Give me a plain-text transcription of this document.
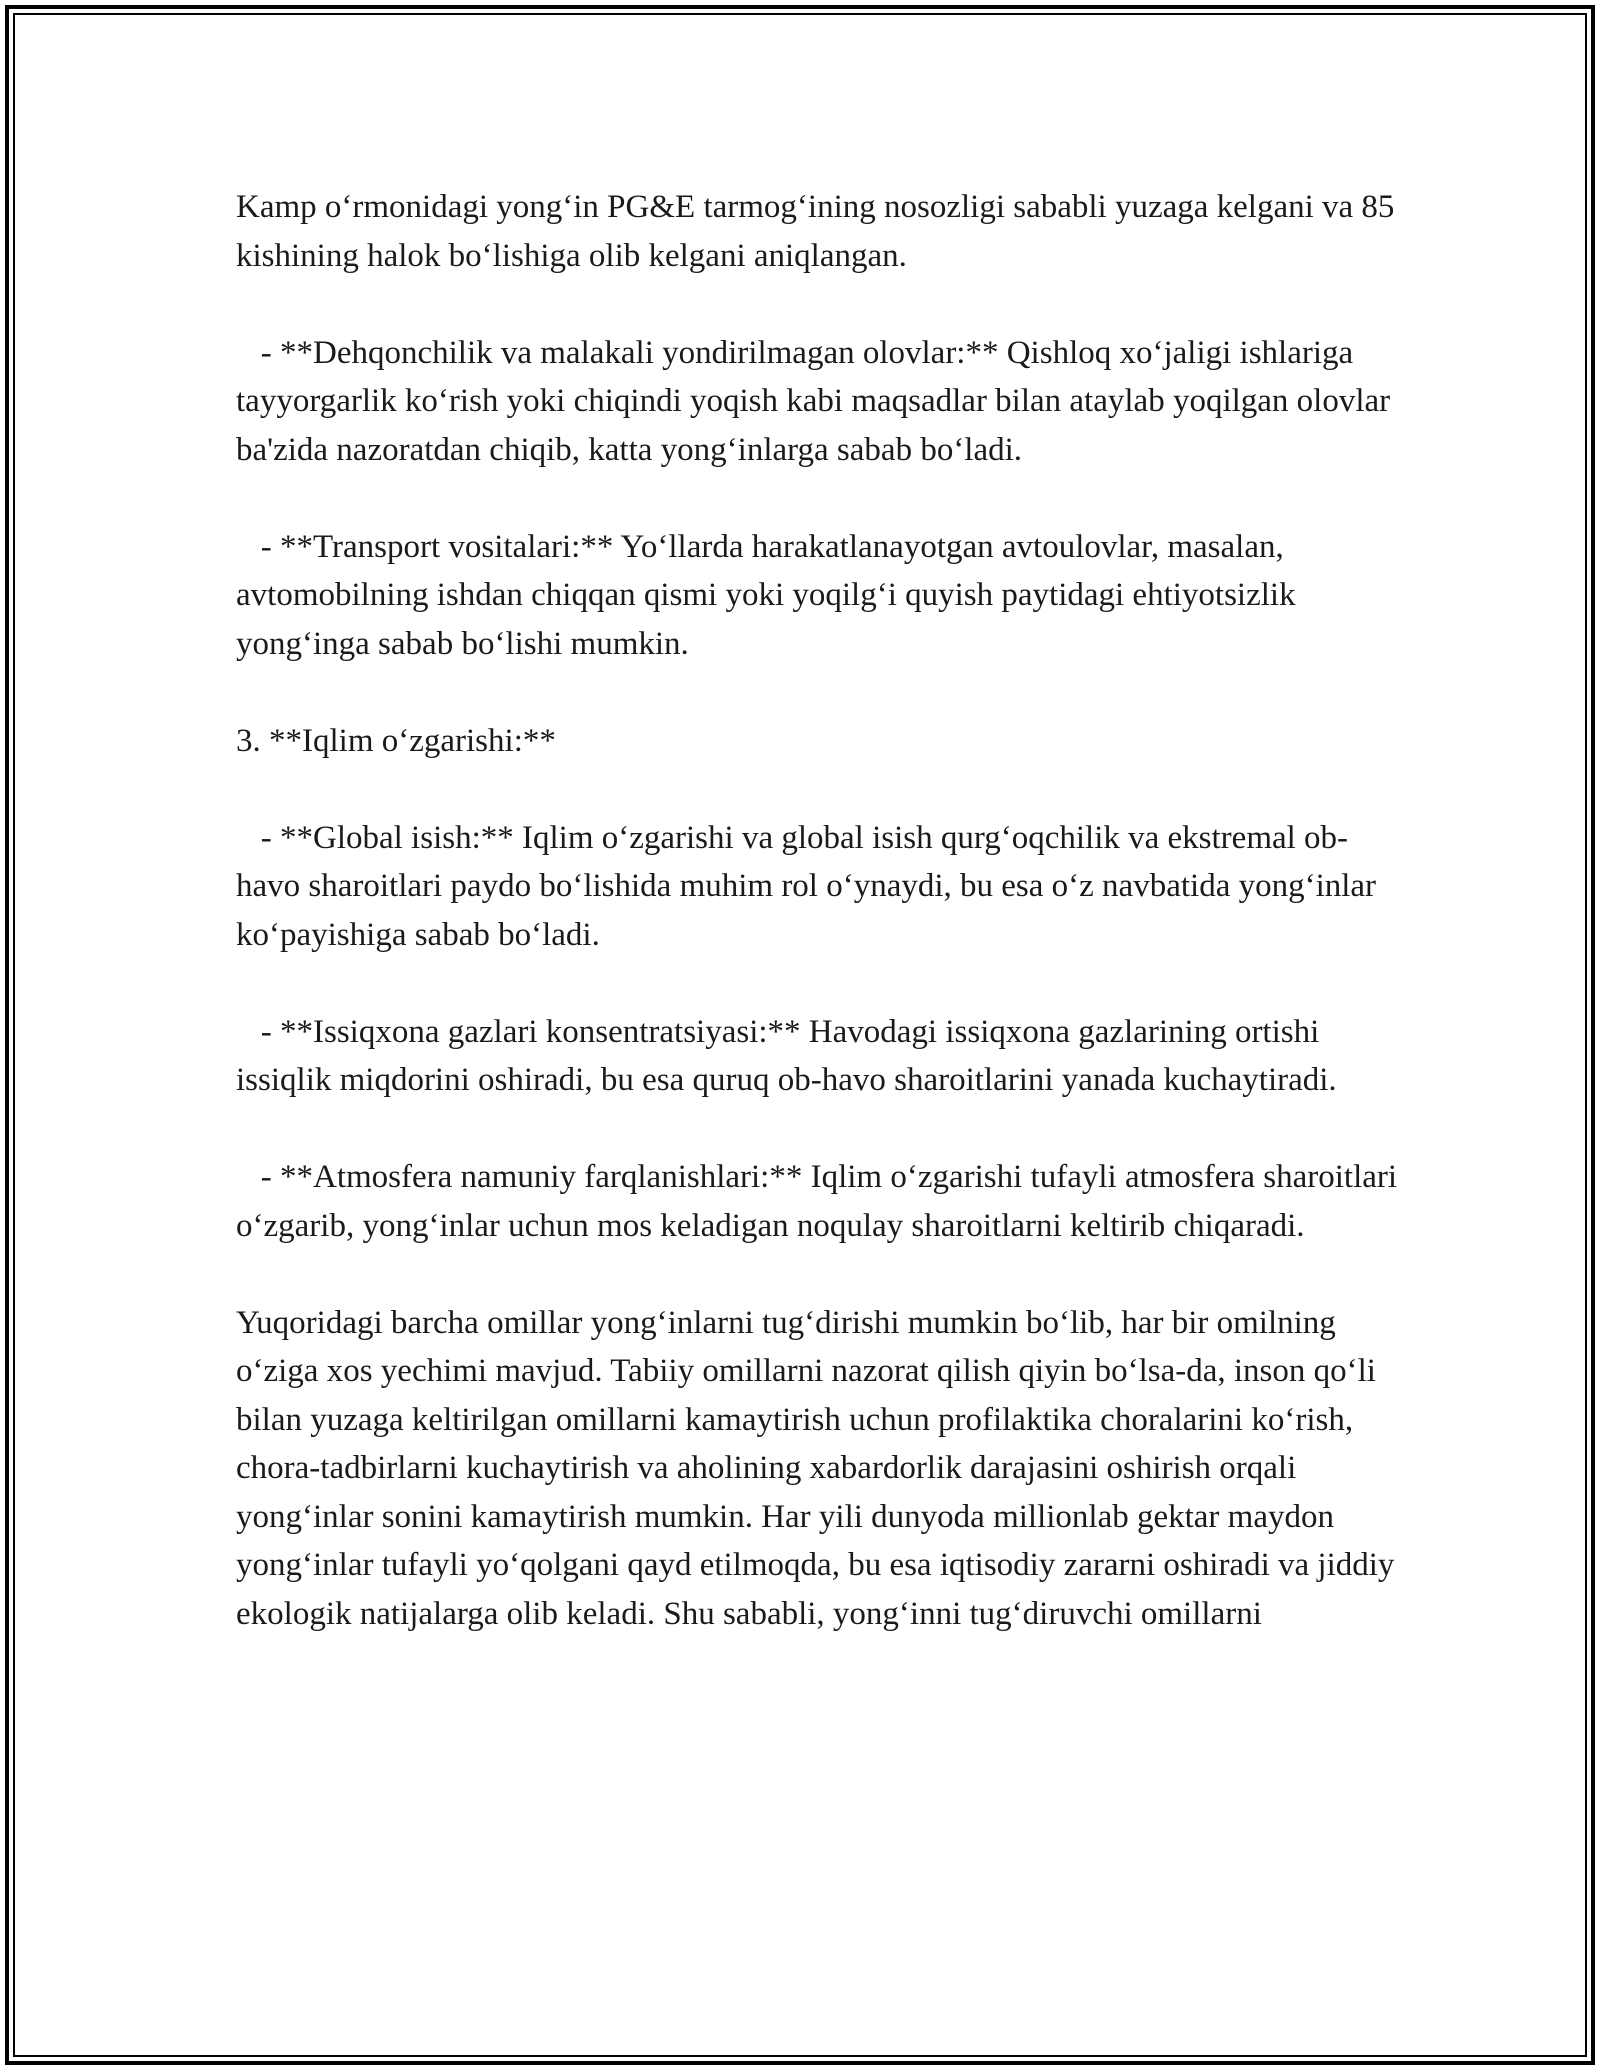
Kamp o‘rmonidagi yong‘in PG&E tarmog‘ining nosozligi sababli yuzaga kelgani va 85 kishining halok bo‘lishiga olib kelgani aniqlangan.

- **Dehqonchilik va malakali yondirilmagan olovlar:** Qishloq xo‘jaligi ishlariga tayyorgarlik ko‘rish yoki chiqindi yoqish kabi maqsadlar bilan ataylab yoqilgan olovlar ba'zida nazoratdan chiqib, katta yong‘inlarga sabab bo‘ladi.

- **Transport vositalari:** Yo‘llarda harakatlanayotgan avtoulovlar, masalan, avtomobilning ishdan chiqqan qismi yoki yoqilg‘i quyish paytidagi ehtiyotsizlik yong‘inga sabab bo‘lishi mumkin.

3. **Iqlim o‘zgarishi:**

- **Global isish:** Iqlim o‘zgarishi va global isish qurg‘oqchilik va ekstremal ob-havo sharoitlari paydo bo‘lishida muhim rol o‘ynaydi, bu esa o‘z navbatida yong‘inlar ko‘payishiga sabab bo‘ladi.

- **Issiqxona gazlari konsentratsiyasi:** Havodagi issiqxona gazlarining ortishi issiqlik miqdorini oshiradi, bu esa quruq ob-havo sharoitlarini yanada kuchaytiradi.

- **Atmosfera namuniy farqlanishlari:** Iqlim o‘zgarishi tufayli atmosfera sharoitlari o‘zgarib, yong‘inlar uchun mos keladigan noqulay sharoitlarni keltirib chiqaradi.

Yuqoridagi barcha omillar yong‘inlarni tug‘dirishi mumkin bo‘lib, har bir omilning o‘ziga xos yechimi mavjud. Tabiiy omillarni nazorat qilish qiyin bo‘lsa-da, inson qo‘li bilan yuzaga keltirilgan omillarni kamaytirish uchun profilaktika choralarini ko‘rish, chora-tadbirlarni kuchaytirish va aholining xabardorlik darajasini oshirish orqali yong‘inlar sonini kamaytirish mumkin. Har yili dunyoda millionlab gektar maydon yong‘inlar tufayli yo‘qolgani qayd etilmoqda, bu esa iqtisodiy zararni oshiradi va jiddiy ekologik natijalarga olib keladi. Shu sababli, yong‘inni tug‘diruvchi omillarni
